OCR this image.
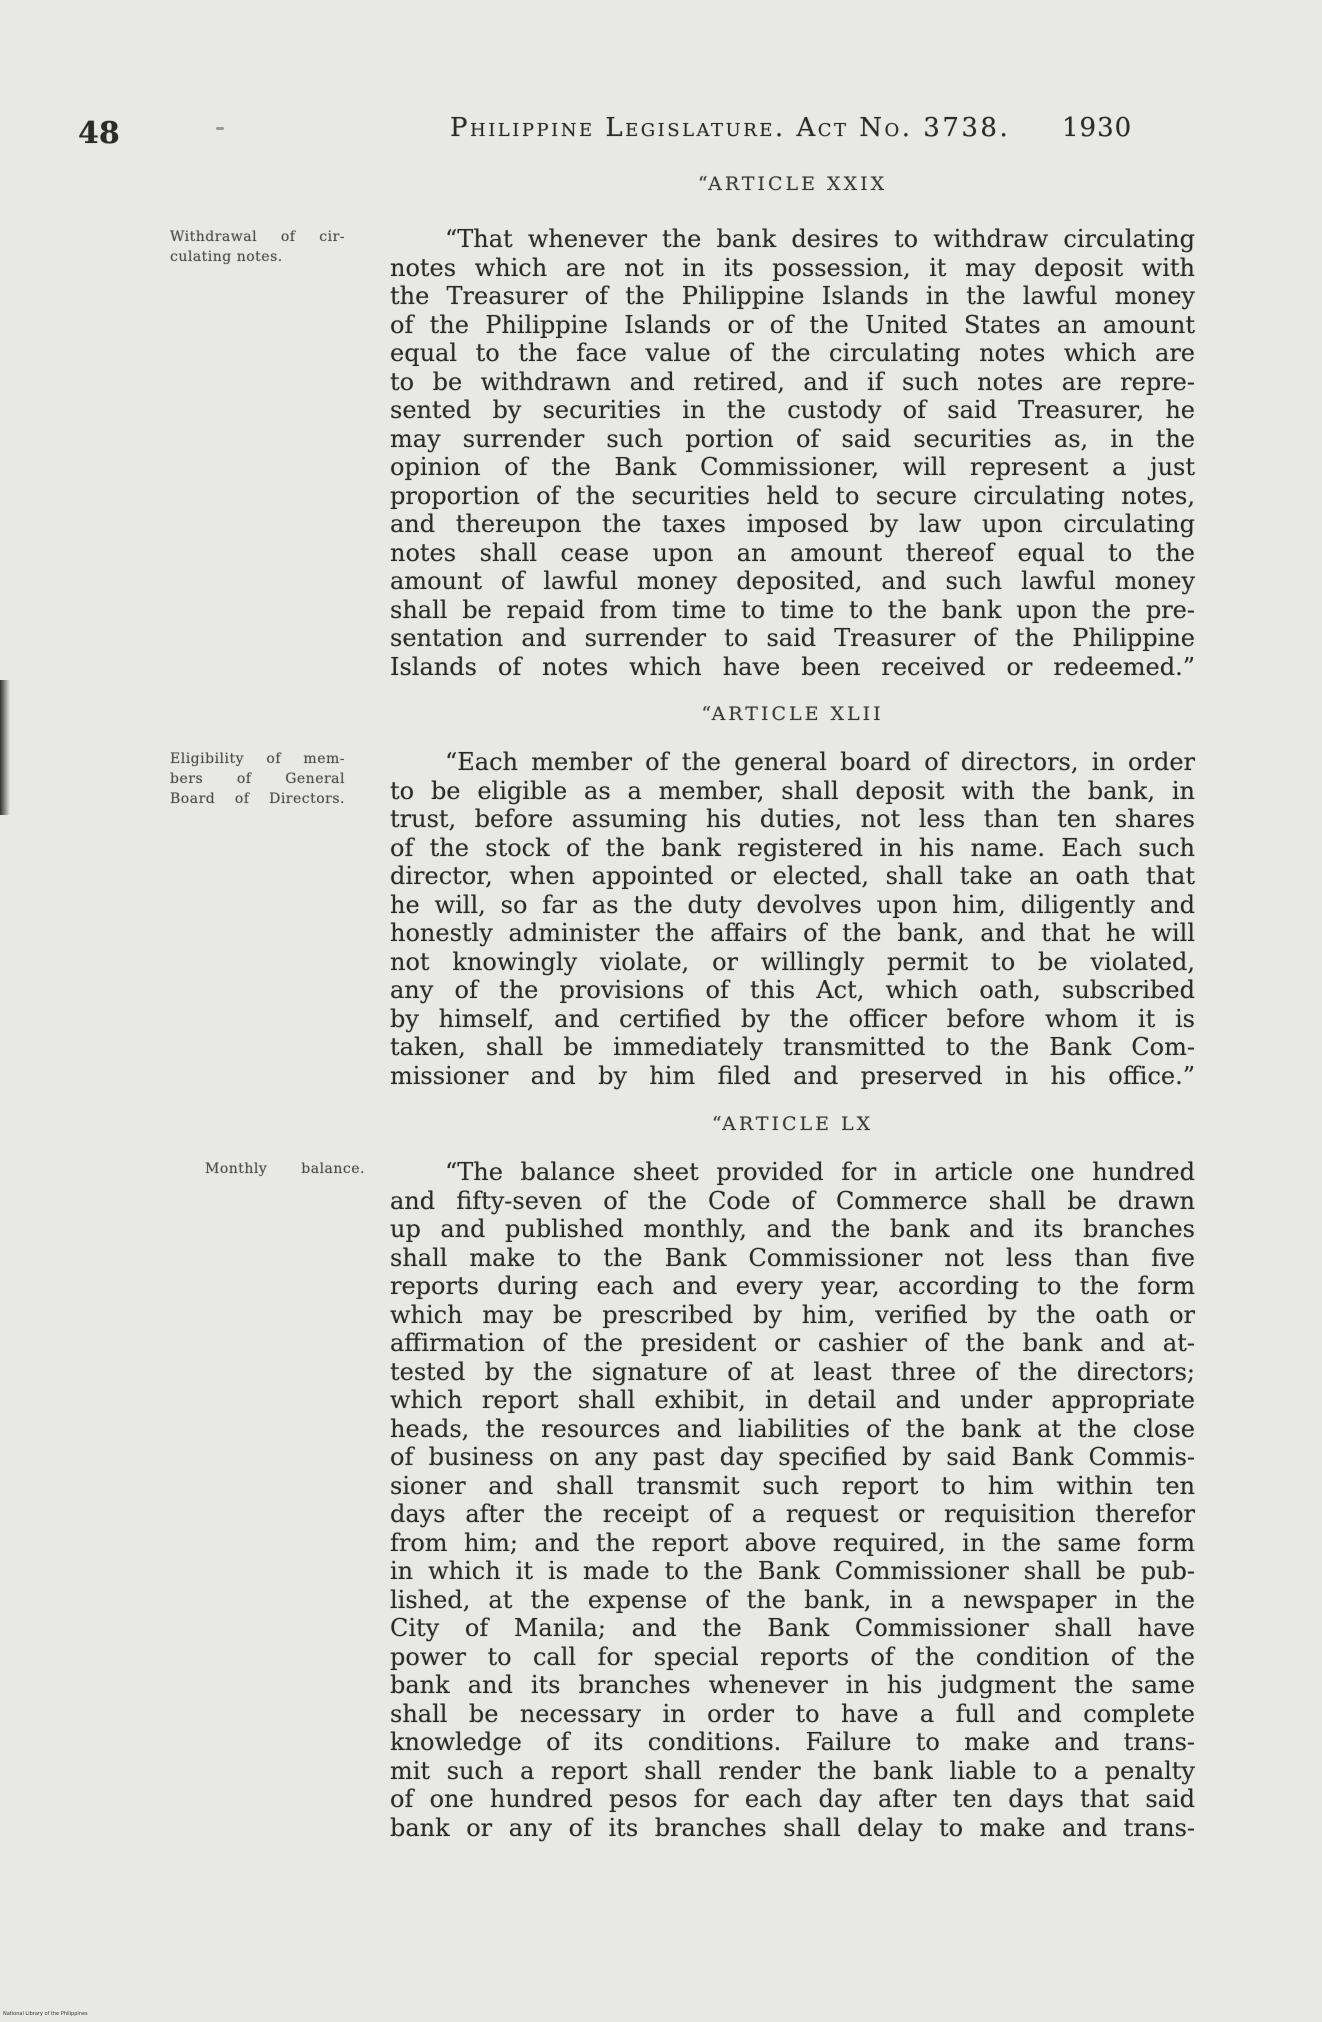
48	Philippine Legislature. Act No. 3738. 1930
“ARTICLE XXIX
Withdrawal of cir-
culating notes.
“That whenever the bank desires to withdraw circulating
notes which are not in its possession, it may deposit with
the Treasurer of the Philippine Islands in the lawful money
of the Philippine Islands or of the United States an amount
equal to the face value of the circulating notes which are
to be withdrawn and retired, and if such notes are repre-
sented by securities in the custody of said Treasurer, he
may surrender such portion of said securities as, in the
opinion of the Bank Commissioner, will represent a just
proportion of the securities held to secure circulating notes,
and thereupon the taxes imposed by law upon circulating
notes shall cease upon an amount thereof equal to the
amount of lawful money deposited, and such lawful money
shall be repaid from time to time to the bank upon the pre-
sentation and surrender to said Treasurer of the Philippine
Islands of notes which have been received or redeemed.”
“ARTICLE XLII
Eligibility of mem-
bers of General
Board of Directors.
“Each member of the general board of directors, in order
to be eligible as a member, shall deposit with the bank, in
trust, before assuming his duties, not less than ten shares
of the stock of the bank registered in his name. Each such
director, when appointed or elected, shall take an oath that
he will, so far as the duty devolves upon him, diligently and
honestly administer the affairs of the bank, and that he will
not knowingly violate, or willingly permit to be violated,
any of the provisions of this Act, which oath, subscribed
by himself, and certified by the officer before whom it is
taken, shall be immediately transmitted to the Bank Com-
missioner and by him filed and preserved in his office.”
“ARTICLE LX
Monthly balance.	“The balance sheet provided for in article one hundred
and fifty-seven of the Code of Commerce shall be drawn
up and published monthly, and the bank and its branches
shall make to the Bank Commissioner not less than five
reports during each and every year, according to the form
which may be prescribed by him, verified by the oath or
affirmation of the president or cashier of the bank and at-
tested by the signature of at least three of the directors;
which report shall exhibit, in detail and under appropriate
heads, the resources and liabilities of the bank at the close
of business on any past day specified by said Bank Commis-
sioner and shall transmit such report to him within ten
days after the receipt of a request or requisition therefor
from him; and the report above required, in the same form
in which it is made to the Bank Commissioner shall be pub-
lished, at the expense of the bank, in a newspaper in the
City of Manila; and the Bank Commissioner shall have
power to call for special reports of the condition of the
bank and its branches whenever in his judgment the same
shall be necessary in order to have a full and complete
knowledge of its conditions. Failure to make and trans-
mit such a report shall render the bank liable to a penalty
of one hundred pesos for each day after ten days that said
bank or any of its branches shall delay to make and trans-
National Library of the Philippines
